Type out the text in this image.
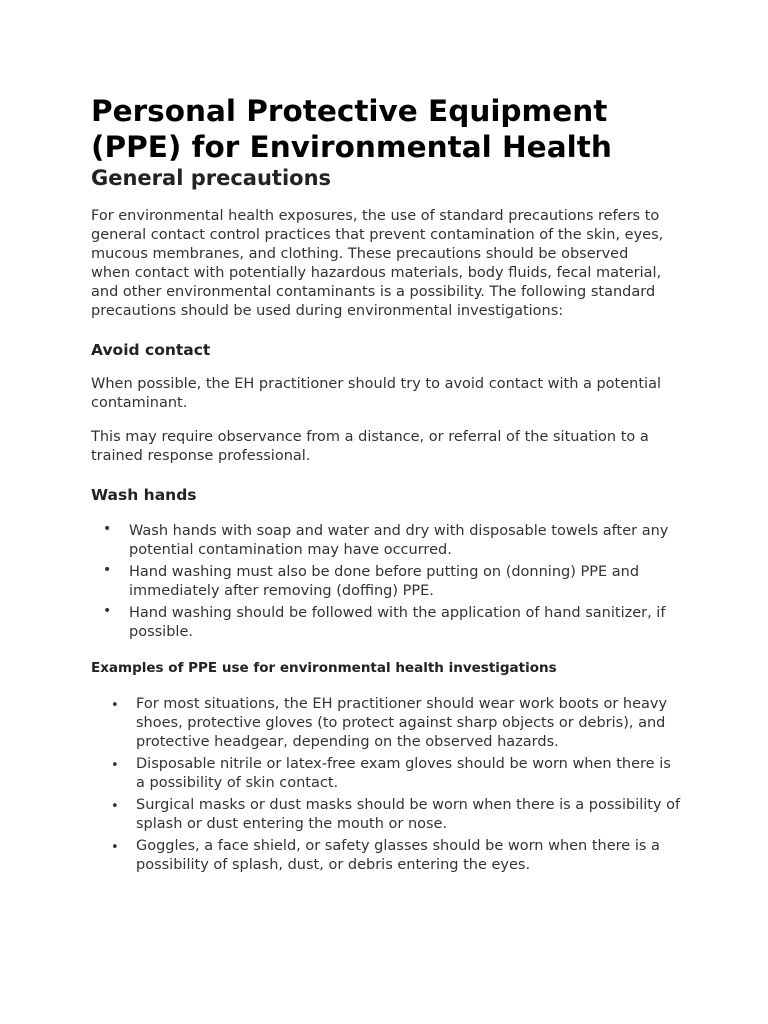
Personal Protective Equipment (PPE) for Environmental Health
General precautions

For environmental health exposures, the use of standard precautions refers to general contact control practices that prevent contamination of the skin, eyes, mucous membranes, and clothing. These precautions should be observed when contact with potentially hazardous materials, body fluids, fecal material, and other environmental contaminants is a possibility. The following standard precautions should be used during environmental investigations:

Avoid contact

When possible, the EH practitioner should try to avoid contact with a potential contaminant.

This may require observance from a distance, or referral of the situation to a trained response professional.

Wash hands
• Wash hands with soap and water and dry with disposable towels after any potential contamination may have occurred.
• Hand washing must also be done before putting on (donning) PPE and immediately after removing (doffing) PPE.
• Hand washing should be followed with the application of hand sanitizer, if possible.
Examples of PPE use for environmental health investigations
• For most situations, the EH practitioner should wear work boots or heavy shoes, protective gloves (to protect against sharp objects or debris), and protective headgear, depending on the observed hazards.
• Disposable nitrile or latex-free exam gloves should be worn when there is a possibility of skin contact.
• Surgical masks or dust masks should be worn when there is a possibility of splash or dust entering the mouth or nose.
• Goggles, a face shield, or safety glasses should be worn when there is a possibility of splash, dust, or debris entering the eyes.
